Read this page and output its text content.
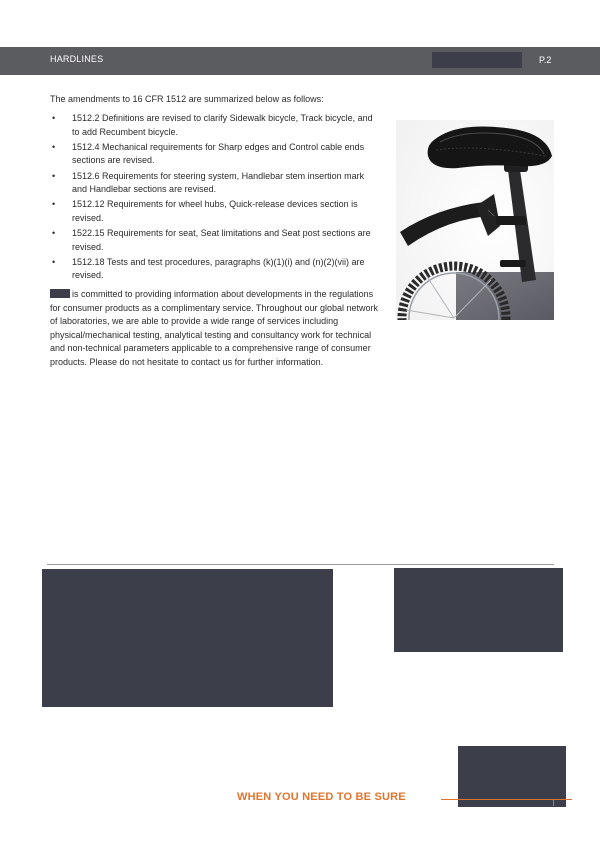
HARDLINES	P.2

The amendments to 16 CFR 1512 are summarized below as follows:

• 1512.2 Definitions are revised to clarify Sidewalk bicycle, Track bicycle, and to add Recumbent bicycle.
• 1512.4 Mechanical requirements for Sharp edges and Control cable ends sections are revised.
• 1512.6 Requirements for steering system, Handlebar stem insertion mark and Handlebar sections are revised.
• 1512.12 Requirements for wheel hubs, Quick-release devices section is revised.
• 1522.15 Requirements for seat, Seat limitations and Seat post sections are revised.
• 1512.18 Tests and test procedures, paragraphs (k)(1)(i) and (n)(2)(vii) are revised.

is committed to providing information about developments in the regulations for consumer products as a complimentary service. Throughout our global network of laboratories, we are able to provide a wide range of services including physical/mechanical testing, analytical testing and consultancy work for technical and non-technical parameters applicable to a comprehensive range of consumer products. Please do not hesitate to contact us for further information.

WHEN YOU NEED TO BE SURE
